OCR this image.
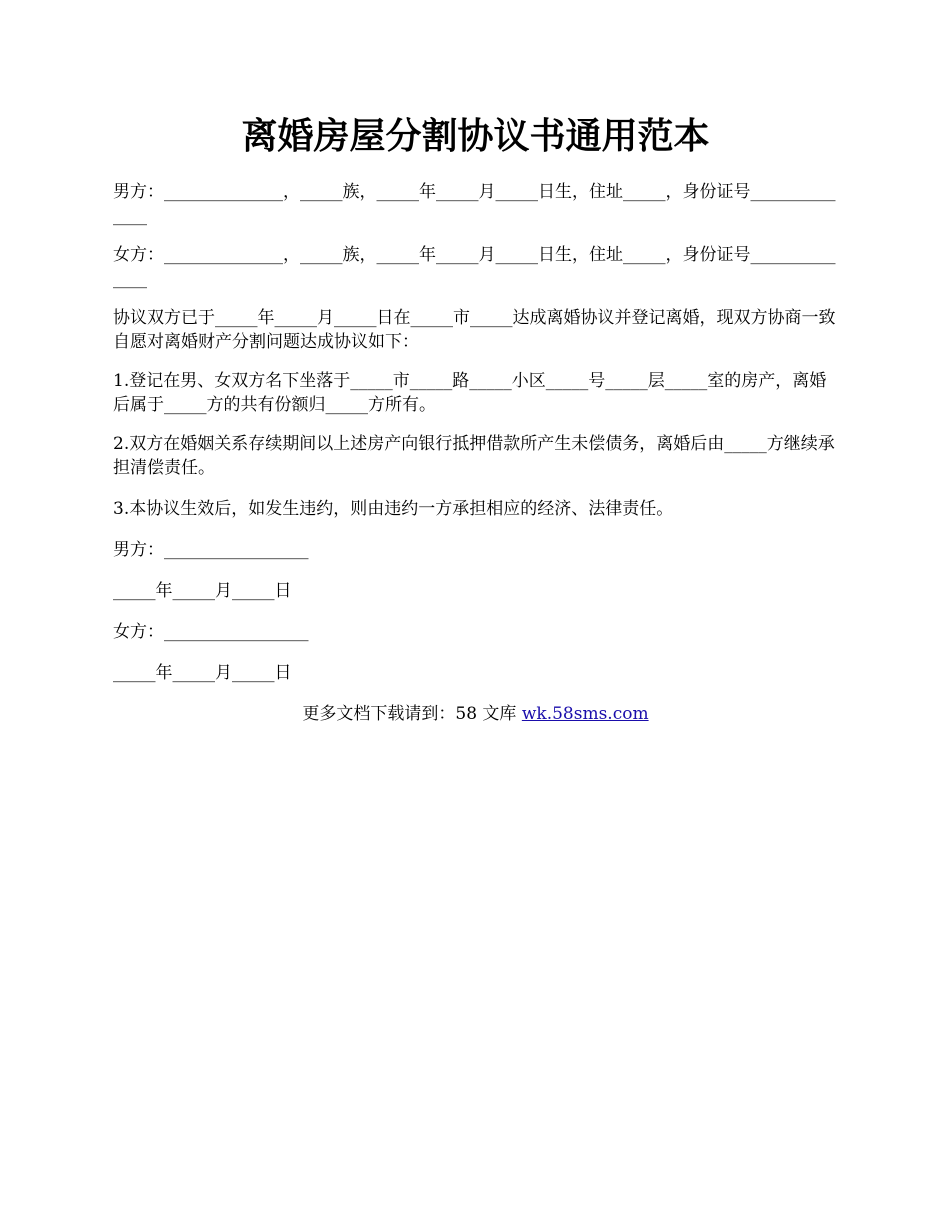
离婚房屋分割协议书通用范本

男方：______________，_____族，_____年_____月_____日生，住址_____，身份证号______________

女方：______________，_____族，_____年_____月_____日生，住址_____，身份证号______________

协议双方已于_____年_____月_____日在_____市_____达成离婚协议并登记离婚，现双方协商一致自愿对离婚财产分割问题达成协议如下：

1.登记在男、女双方名下坐落于_____市_____路_____小区_____号_____层_____室的房产，离婚后属于_____方的共有份额归_____方所有。

2.双方在婚姻关系存续期间以上述房产向银行抵押借款所产生未偿债务，离婚后由_____方继续承担清偿责任。

3.本协议生效后，如发生违约，则由违约一方承担相应的经济、法律责任。

男方：_________________

_____年_____月_____日

女方：_________________

_____年_____月_____日

更多文档下载请到：58 文库 wk.58sms.com
